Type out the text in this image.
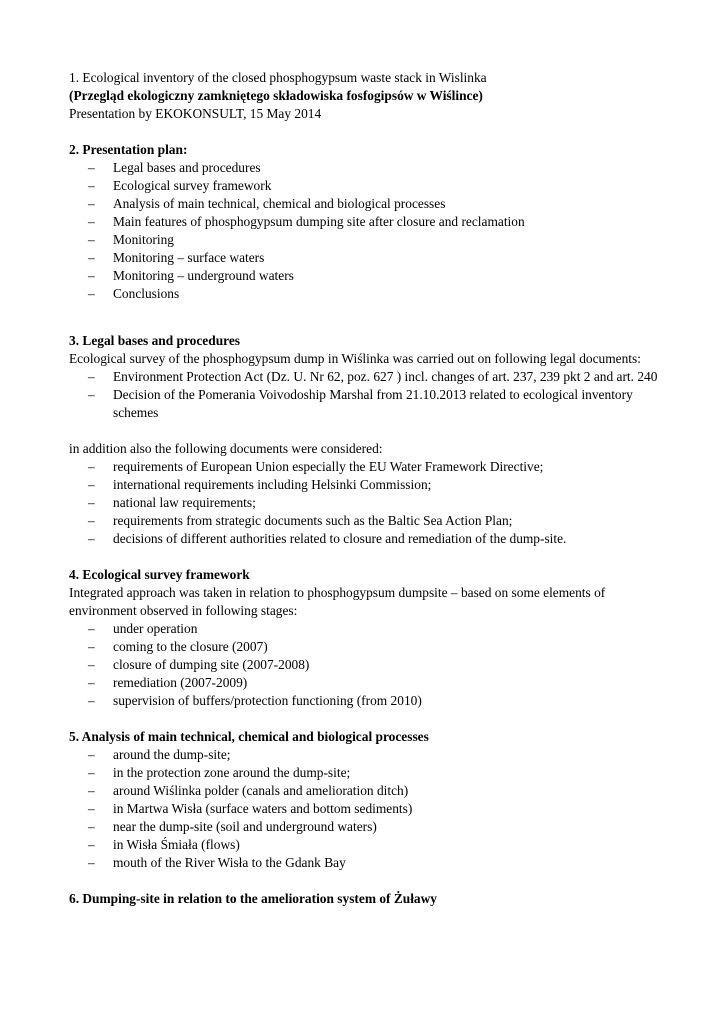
1. Ecological inventory of the closed phosphogypsum waste stack in Wislinka

(Przegląd ekologiczny zamkniętego składowiska fosfogipsów w Wiślince)

Presentation by EKOKONSULT, 15 May 2014

2. Presentation plan:

– Legal bases and procedures
– Ecological survey framework
– Analysis of main technical, chemical and biological processes
– Main features of phosphogypsum dumping site after closure and reclamation
– Monitoring
– Monitoring – surface waters
– Monitoring – underground waters
– Conclusions

3. Legal bases and procedures

Ecological survey of the phosphogypsum dump in Wiślinka was carried out on following legal documents:

– Environment Protection Act (Dz. U. Nr 62, poz. 627 ) incl. changes of art. 237, 239 pkt 2 and art. 240
– Decision of the Pomerania Voivodoship Marshal from 21.10.2013 related to ecological inventory schemes

in addition also the following documents were considered:

– requirements of European Union especially the EU Water Framework Directive;
– international requirements including Helsinki Commission;
– national law requirements;
– requirements from strategic documents such as the Baltic Sea Action Plan;
– decisions of different authorities related to closure and remediation of the dump-site.

4. Ecological survey framework

Integrated approach was taken in relation to phosphogypsum dumpsite – based on some elements of environment observed in following stages:

– under operation
– coming to the closure (2007)
– closure of dumping site (2007-2008)
– remediation (2007-2009)
– supervision of buffers/protection functioning (from 2010)

5. Analysis of main technical, chemical and biological processes

– around the dump-site;
– in the protection zone around the dump-site;
– around Wiślinka polder (canals and amelioration ditch)
– in Martwa Wisła (surface waters and bottom sediments)
– near the dump-site (soil and underground waters)
– in Wisła Śmiała (flows)
– mouth of the River Wisła to the Gdank Bay

6. Dumping-site in relation to the amelioration system of Żuławy
